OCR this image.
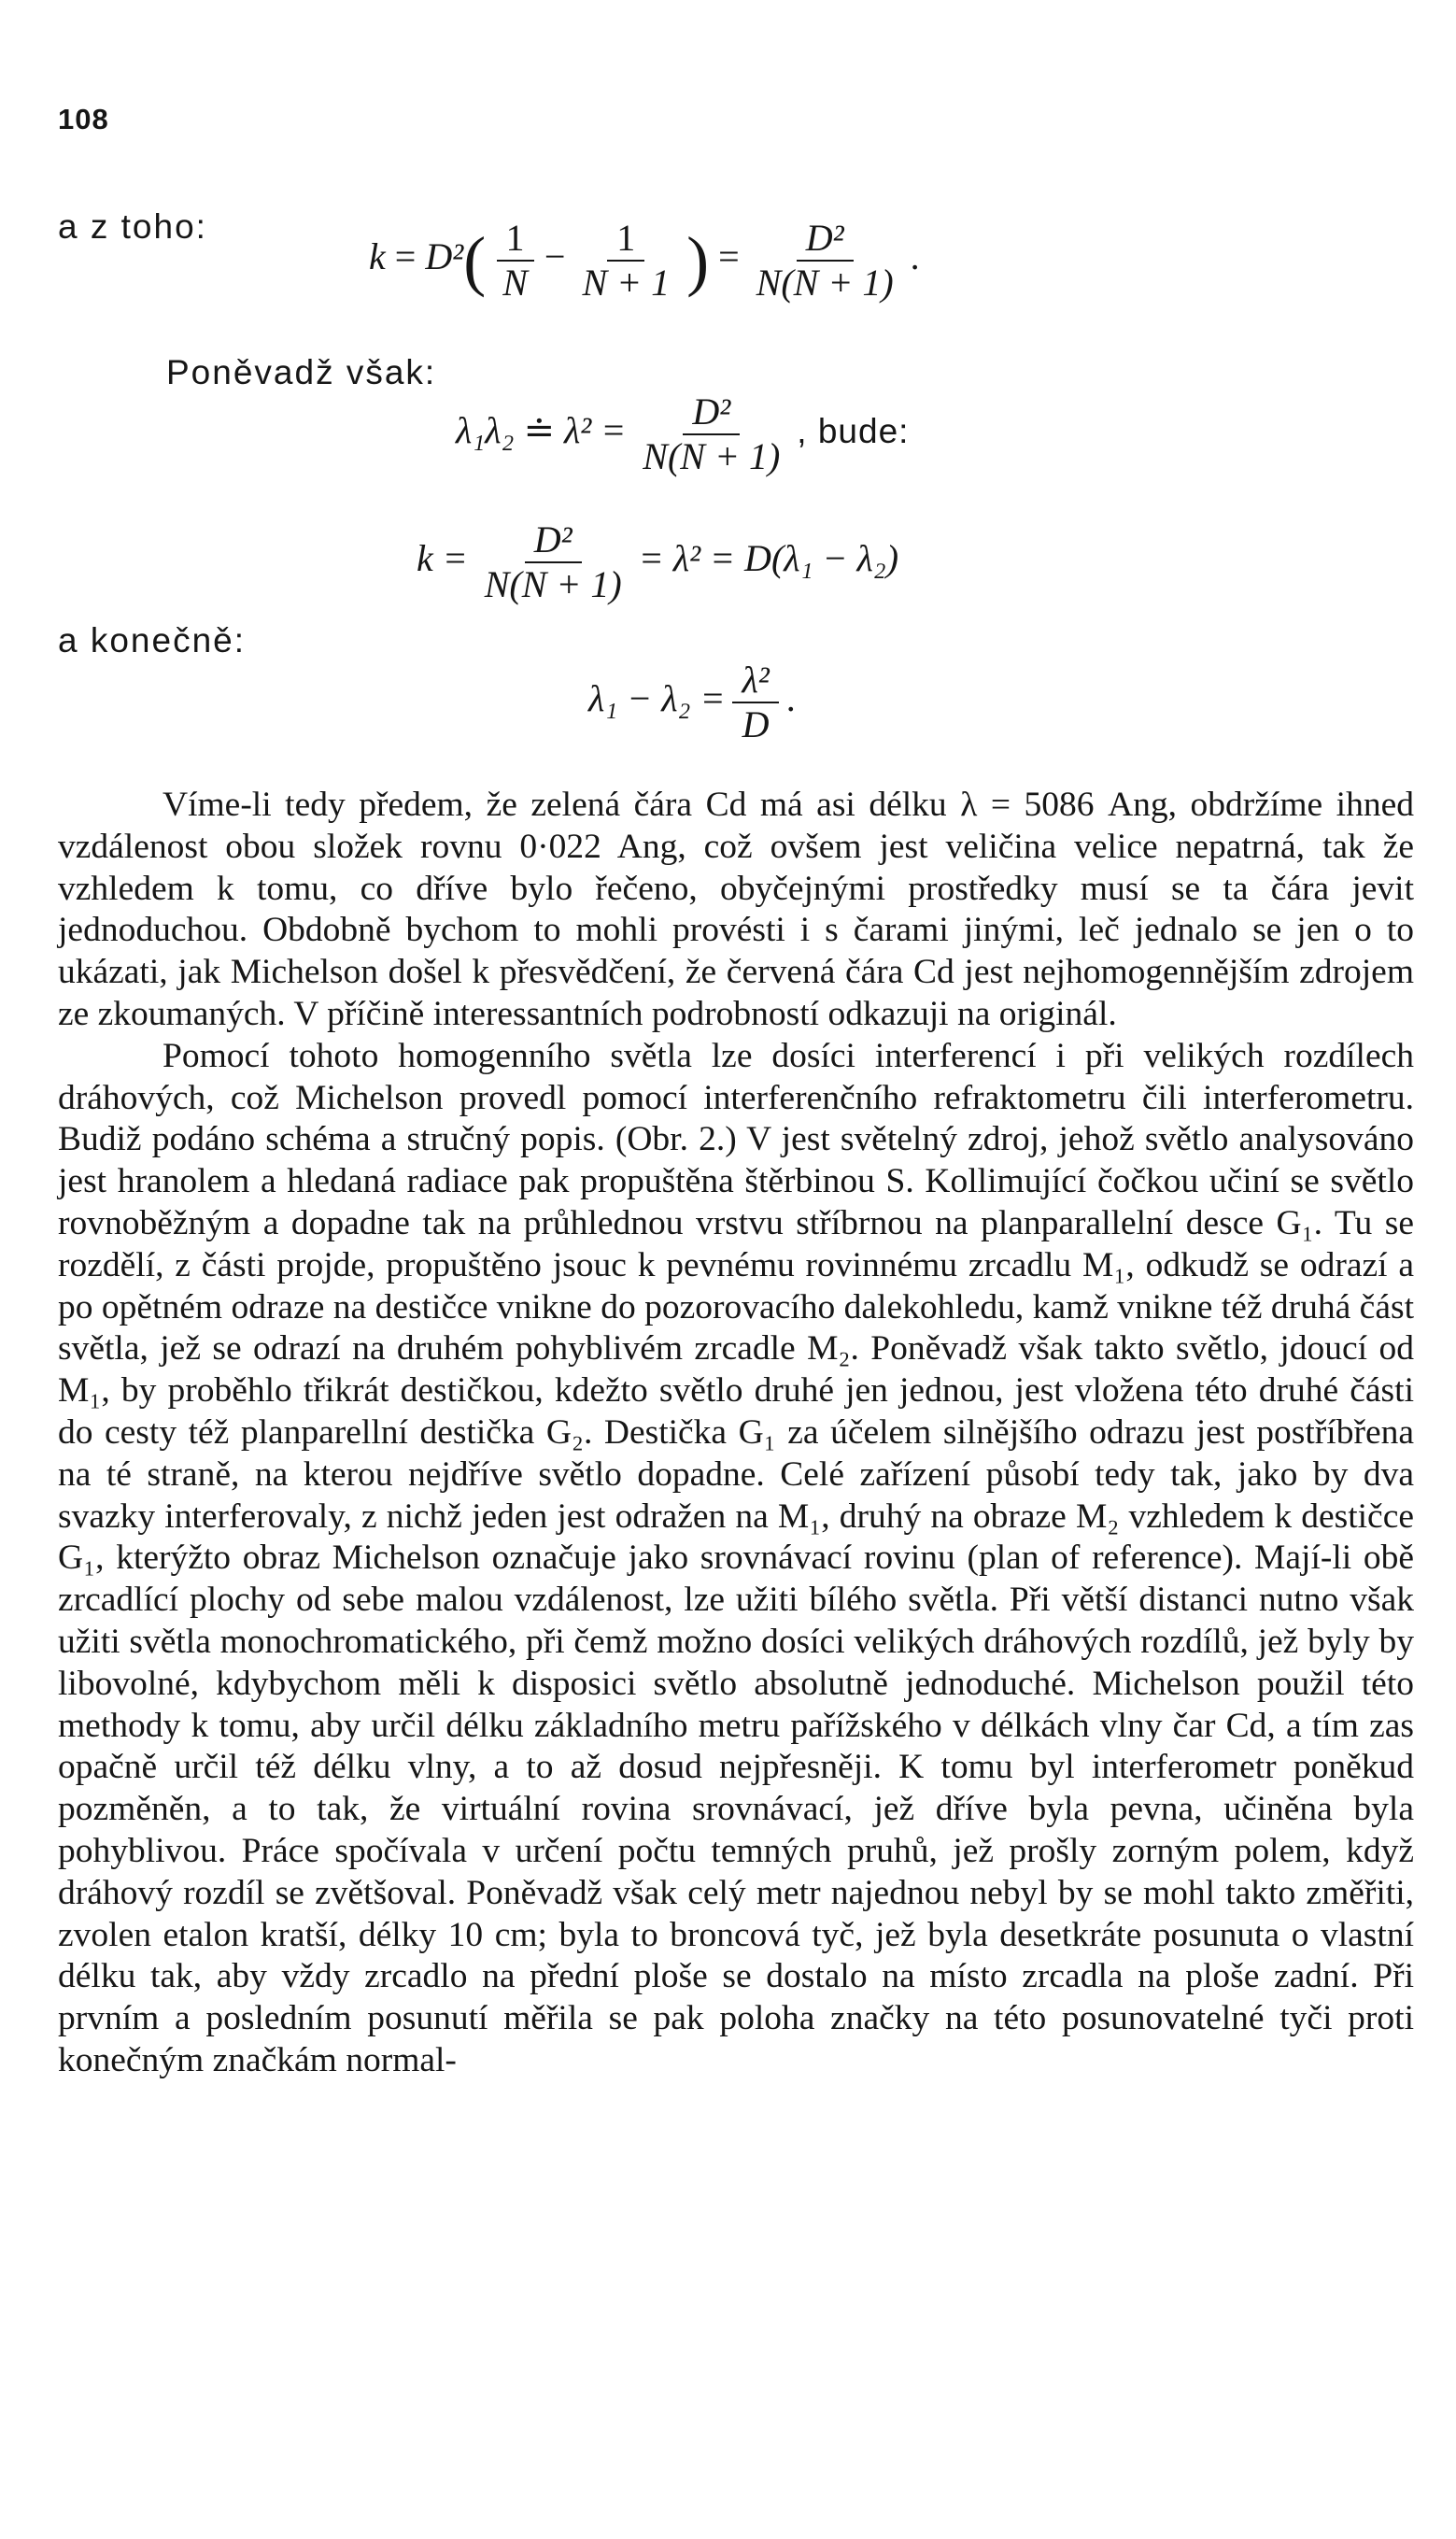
108
a z toho:
$k = D^2( \frac{1}{N} - \frac{1}{N + 1}$ ) = $\frac{\text{D²}}{N(N + 1)}$ .
Poněvadž však:
λ₁λ₂ ≐ $\lambda^2 = \frac{\text{D²}}{N(N + 1)}$ , bude:
$k = \frac{\text{D²}}{N(N + 1)} = \lambda^2 = D(\lambda_1 - \lambda_2)$
a konečně:
$\lambda_1 - \lambda_2 = \frac{\text{λ²}}{D}$ .

Víme-li tedy předem, že zelená čára Cd má asi délku λ = 5086 Ang, obdržíme ihned vzdálenost obou složek rovnu 0·022 Ang, což ovšem jest veličina velice nepatrná, tak že vzhledem k tomu, co dříve bylo řečeno, obyčejnými prostředky musí se ta čára jevit jednoduchou. Obdobně bychom to mohli provésti i s čarami jinými, leč jednalo se jen o to ukázati, jak Michelson došel k přesvědčení, že červená čára Cd jest nejhomogennějším zdrojem ze zkoumaných. V příčině interessantních podrobností odkazuji na originál.

Pomocí tohoto homogenního světla lze dosíci interferencí i při velikých rozdílech dráhových, což Michelson provedl pomocí interferenčního refraktometru čili interferometru. Budiž podáno schéma a stručný popis. (Obr. 2.) V jest světelný zdroj, jehož světlo analysováno jest hranolem a hledaná radiace pak propuštěna štěrbinou S. Kollimující čočkou učiní se světlo rovnoběžným a dopadne tak na průhlednou vrstvu stříbrnou na planparallelní desce G₁. Tu se rozdělí, z části projde, propuštěno jsouc k pevnému rovinnému zrcadlu M₁, odkudž se odrazí a po opětném odraze na destičce vnikne do pozorovacího dalekohledu, kamž vnikne též druhá část světla, jež se odrazí na druhém pohyblivém zrcadle M₂. Poněvadž však takto světlo, jdoucí od M₁, by proběhlo třikrát destičkou, kdežto světlo druhé jen jednou, jest vložena této druhé části do cesty též planparellní destička G₂. Destička G₁ za účelem silnějšího odrazu jest postříbřena na té straně, na kterou nejdříve světlo dopadne. Celé zařízení působí tedy tak, jako by dva svazky interferovaly, z nichž jeden jest odražen na M₁, druhý na obraze M₂ vzhledem k destičce G₁, kterýžto obraz Michelson označuje jako srovnávací rovinu (plan of reference). Mají-li obě zrcadlící plochy od sebe malou vzdálenost, lze užiti bílého světla. Při větší distanci nutno však užiti světla monochromatického, při čemž možno dosíci velikých dráhových rozdílů, jež byly by libovolné, kdybychom měli k disposici světlo absolutně jednoduché. Michelson použil této methody k tomu, aby určil délku základního metru pařížského v délkách vlny čar Cd, a tím zas opačně určil též délku vlny, a to až dosud nejpřesněji. K tomu byl interferometr poněkud pozměněn, a to tak, že virtuální rovina srovnávací, jež dříve byla pevna, učiněna byla pohyblivou. Práce spočívala v určení počtu temných pruhů, jež prošly zorným polem, když dráhový rozdíl se zvětšoval. Poněvadž však celý metr najednou nebyl by se mohl takto změřiti, zvolen etalon kratší, délky 10 cm; byla to broncová tyč, jež byla desetkráte posunuta o vlastní délku tak, aby vždy zrcadlo na přední ploše se dostalo na místo zrcadla na ploše zadní. Při prvním a posledním posunutí měřila se pak poloha značky na této posunovatelné tyči proti konečným značkám normal-
